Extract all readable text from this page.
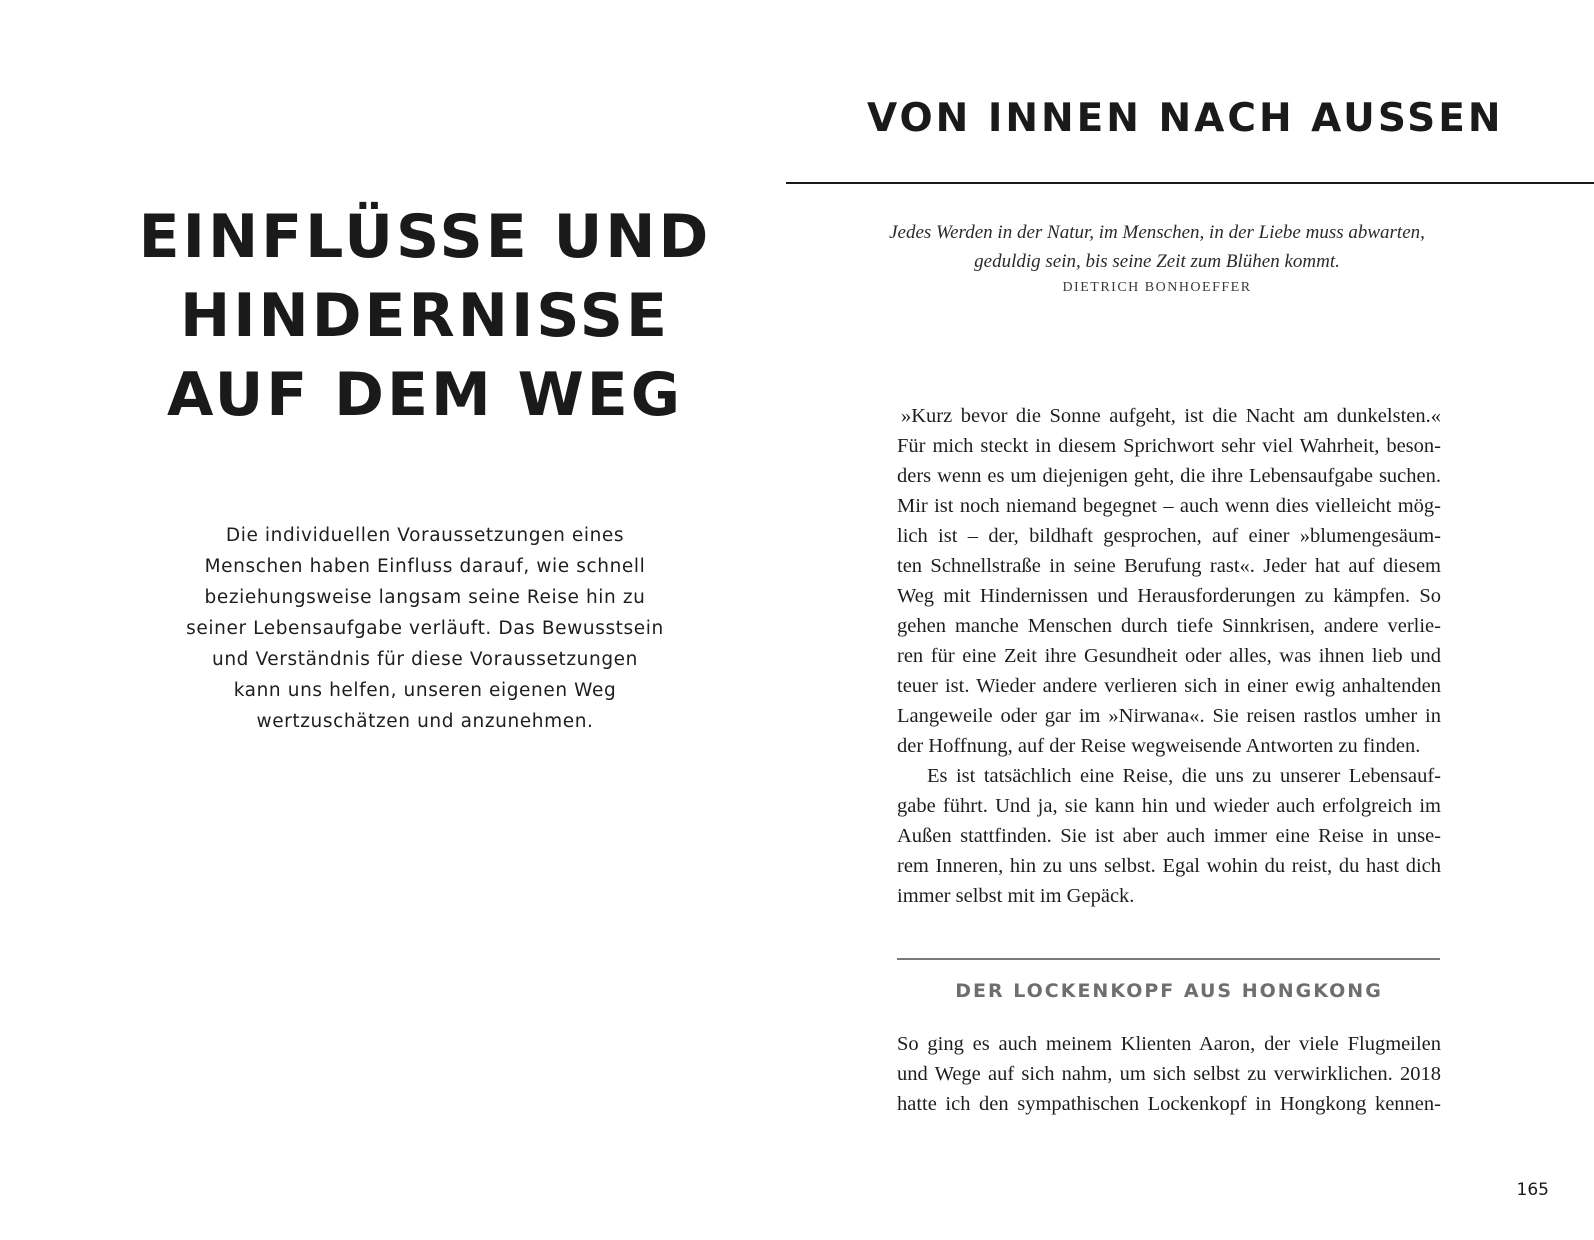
EINFLÜSSE UND
HINDERNISSE
AUF DEM WEG

Die individuellen Voraussetzungen eines
Menschen haben Einfluss darauf, wie schnell
beziehungsweise langsam seine Reise hin zu
seiner Lebensaufgabe verläuft. Das Bewusstsein
und Verständnis für diese Voraussetzungen
kann uns helfen, unseren eigenen Weg
wertzuschätzen und anzunehmen.

VON INNEN NACH AUSSEN
Jedes Werden in der Natur, im Menschen, in der Liebe muss abwarten,
geduldig sein, bis seine Zeit zum Blühen kommt.
DIETRICH BONHOEFFER
»Kurz bevor die Sonne aufgeht, ist die Nacht am dunkelsten.«
Für mich steckt in diesem Sprichwort sehr viel Wahrheit, beson-
ders wenn es um diejenigen geht, die ihre Lebensaufgabe suchen.
Mir ist noch niemand begegnet – auch wenn dies vielleicht mög-
lich ist – der, bildhaft gesprochen, auf einer »blumengesäum-
ten Schnellstraße in seine Berufung rast«. Jeder hat auf diesem
Weg mit Hindernissen und Herausforderungen zu kämpfen. So
gehen manche Menschen durch tiefe Sinnkrisen, andere verlie-
ren für eine Zeit ihre Gesundheit oder alles, was ihnen lieb und
teuer ist. Wieder andere verlieren sich in einer ewig anhaltenden
Langeweile oder gar im »Nirwana«. Sie reisen rastlos umher in
der Hoffnung, auf der Reise wegweisende Antworten zu finden.
Es ist tatsächlich eine Reise, die uns zu unserer Lebensauf-
gabe führt. Und ja, sie kann hin und wieder auch erfolgreich im
Außen stattfinden. Sie ist aber auch immer eine Reise in unse-
rem Inneren, hin zu uns selbst. Egal wohin du reist, du hast dich
immer selbst mit im Gepäck.
DER LOCKENKOPF AUS HONGKONG
So ging es auch meinem Klienten Aaron, der viele Flugmeilen
und Wege auf sich nahm, um sich selbst zu verwirklichen. 2018
hatte ich den sympathischen Lockenkopf in Hongkong kennen-
165
